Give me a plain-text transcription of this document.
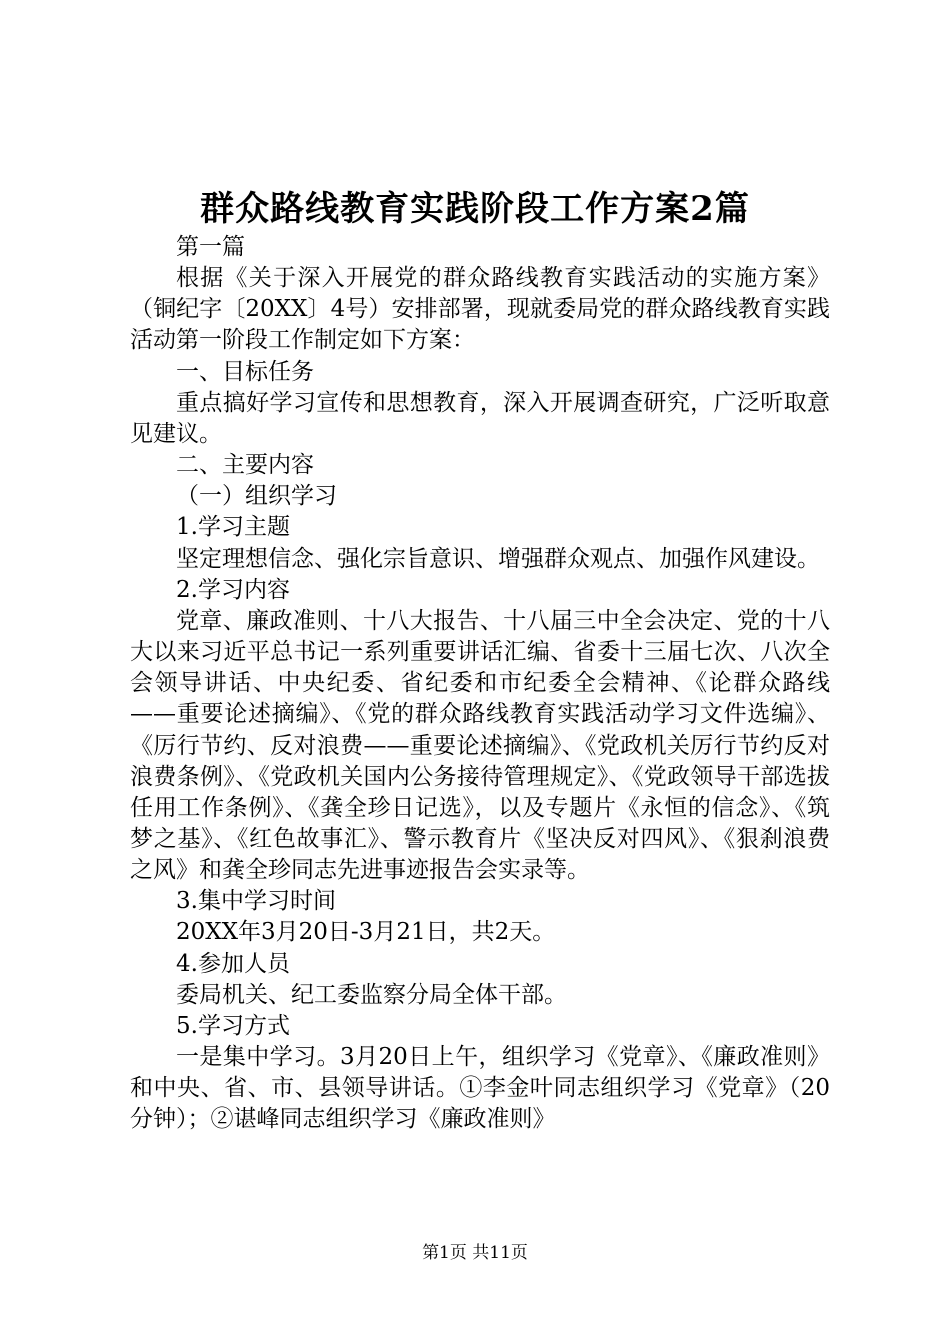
群众路线教育实践阶段工作方案2篇

第一篇

根据《关于深入开展党的群众路线教育实践活动的实施方案》（铜纪字〔20XX〕4号）安排部署，现就委局党的群众路线教育实践活动第一阶段工作制定如下方案：

一、目标任务

重点搞好学习宣传和思想教育，深入开展调查研究，广泛听取意见建议。

二、主要内容

（一）组织学习

1.学习主题

坚定理想信念、强化宗旨意识、增强群众观点、加强作风建设。

2.学习内容

党章、廉政准则、十八大报告、十八届三中全会决定、党的十八大以来习近平总书记一系列重要讲话汇编、省委十三届七次、八次全会领导讲话、中央纪委、省纪委和市纪委全会精神、《论群众路线——重要论述摘编》、《党的群众路线教育实践活动学习文件选编》、《厉行节约、反对浪费——重要论述摘编》、《党政机关厉行节约反对浪费条例》、《党政机关国内公务接待管理规定》、《党政领导干部选拔任用工作条例》、《龚全珍日记选》，以及专题片《永恒的信念》、《筑梦之基》、《红色故事汇》、警示教育片《坚决反对四风》、《狠刹浪费之风》和龚全珍同志先进事迹报告会实录等。

3.集中学习时间

20XX年3月20日-3月21日，共2天。

4.参加人员

委局机关、纪工委监察分局全体干部。

5.学习方式

一是集中学习。3月20日上午，组织学习《党章》、《廉政准则》和中央、省、市、县领导讲话。①李金叶同志组织学习《党章》（20分钟）；②谌峰同志组织学习《廉政准则》

第1页 共11页
